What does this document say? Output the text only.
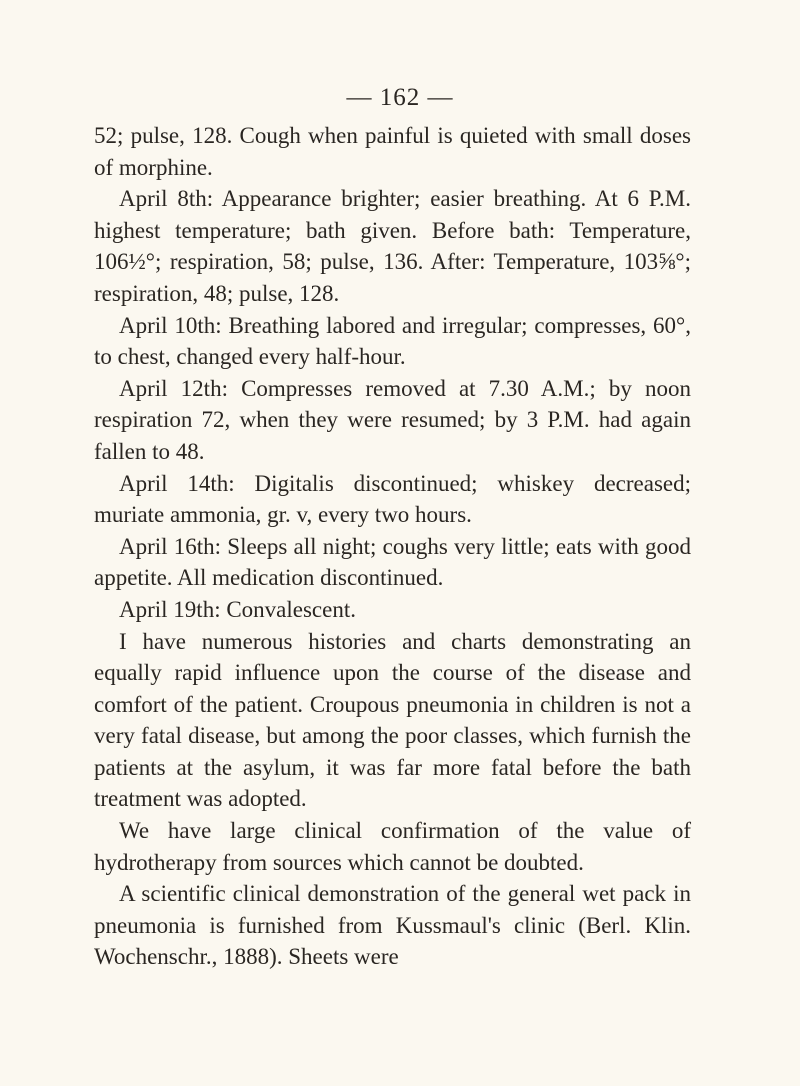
— 162 —

52; pulse, 128. Cough when painful is quieted with small doses of morphine.

April 8th: Appearance brighter; easier breathing. At 6 P.M. highest temperature; bath given. Before bath: Temperature, 106½°; respiration, 58; pulse, 136. After: Temperature, 103⅝°; respiration, 48; pulse, 128.

April 10th: Breathing labored and irregular; compresses, 60°, to chest, changed every half-hour.

April 12th: Compresses removed at 7.30 A.M.; by noon respiration 72, when they were resumed; by 3 P.M. had again fallen to 48.

April 14th: Digitalis discontinued; whiskey decreased; muriate ammonia, gr. v, every two hours.

April 16th: Sleeps all night; coughs very little; eats with good appetite. All medication discontinued.

April 19th: Convalescent.

I have numerous histories and charts demonstrating an equally rapid influence upon the course of the disease and comfort of the patient. Croupous pneumonia in children is not a very fatal disease, but among the poor classes, which furnish the patients at the asylum, it was far more fatal before the bath treatment was adopted.

We have large clinical confirmation of the value of hydrotherapy from sources which cannot be doubted.

A scientific clinical demonstration of the general wet pack in pneumonia is furnished from Kussmaul's clinic (Berl. Klin. Wochenschr., 1888). Sheets were
